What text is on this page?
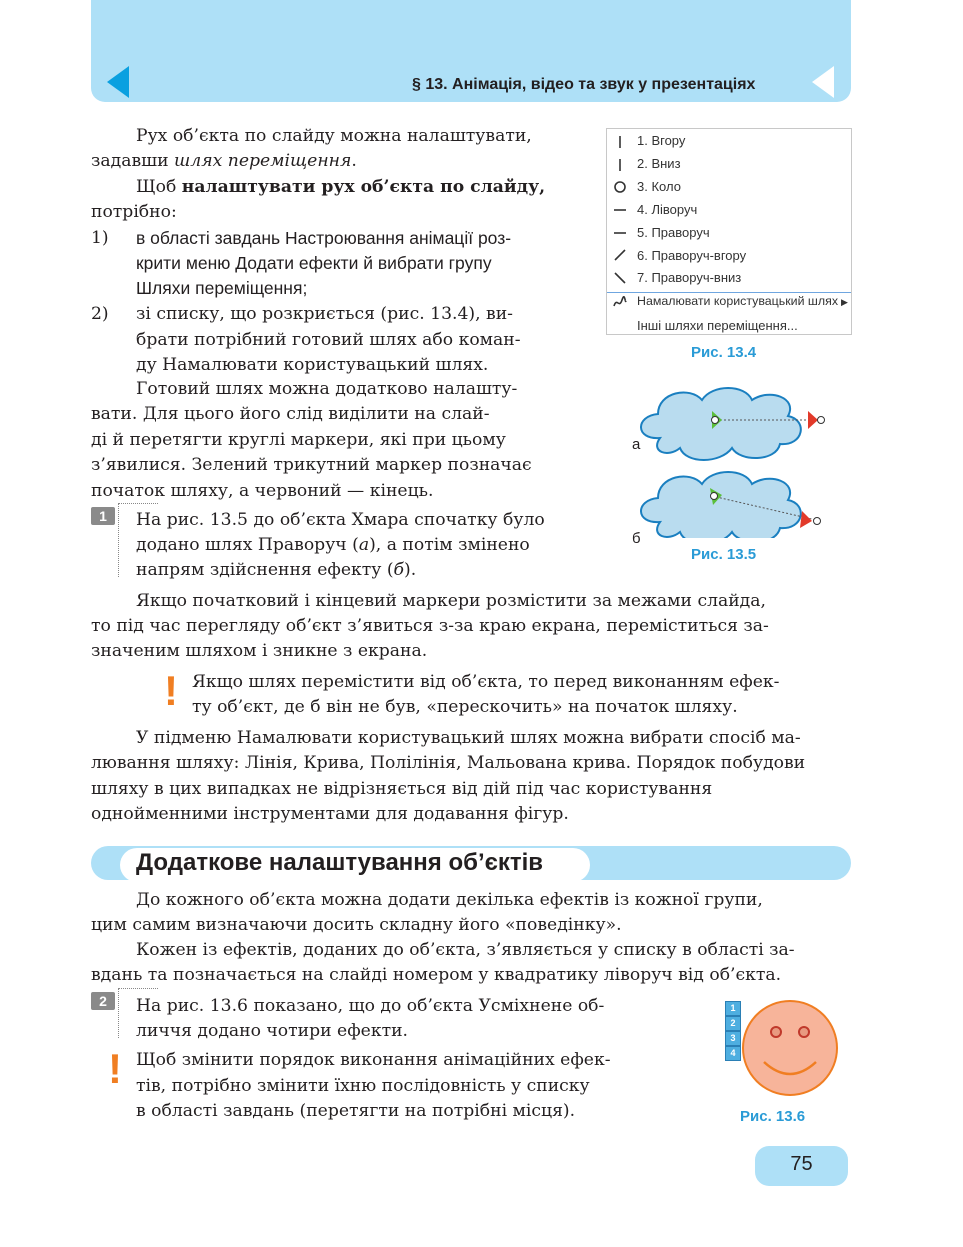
§ 13. Анімація, відео та звук у презентаціях
Рух об’єкта по слайду можна налаштувати,
задавши шлях переміщення.
Щоб налаштувати рух об’єкта по слайду,
потрібно:
1) в області завдань Настроювання анімації роз-
крити меню Додати ефекти й вибрати групу
Шляхи переміщення;
2) зі списку, що розкриється (рис. 13.4), ви-
брати потрібний готовий шлях або коман-
ду Намалювати користувацький шлях.
Готовий шлях можна додатково налашту-
вати. Для цього його слід виділити на слай-
ді й перетягти круглі маркери, які при цьому
з’явилися. Зелений трикутний маркер позначає
початок шляху, а червоний — кінець.
1	На рис. 13.5 до об’єкта Хмара спочатку було
додано шлях Праворуч (а), а потім змінено
напрям здійснення ефекту (б).
Якщо початковий і кінцевий маркери розмістити за межами слайда,
то під час перегляду об’єкт з’явиться з-за краю екрана, переміститься за-
значеним шляхом і зникне з екрана.
! Якщо шлях перемістити від об’єкта, то перед виконанням ефек-
ту об’єкт, де б він не був, «перескочить» на початок шляху.
У підменю Намалювати користувацький шлях можна вибрати спосіб ма-
лювання шляху: Лінія, Крива, Полілінія, Мальована крива. Порядок побудови
шляху в цих випадках не відрізняється від дій під час користування
однойменними інструментами для додавання фігур.
Додаткове налаштування об’єктів
До кожного об’єкта можна додати декілька ефектів із кожної групи,
цим самим визначаючи досить складну його «поведінку».
Кожен із ефектів, доданих до об’єкта, з’являється у списку в області за-
вдань та позначається на слайді номером у квадратику ліворуч від об’єкта.
2	На рис. 13.6 показано, що до об’єкта Усміхнене об-
личчя додано чотири ефекти.
! Щоб змінити порядок виконання анімаційних ефек-
тів, потрібно змінити їхню послідовність у списку
в області завдань (перетягти на потрібні місця).
1. Вгору
2. Вниз
3. Коло
4. Ліворуч
5. Праворуч
6. Праворуч-вгору
7. Праворуч-вниз
Намалювати користувацький шлях ▶
Інші шляхи переміщення...
Рис. 13.4
а
б
Рис. 13.5
1
2
3
4
Рис. 13.6
75
